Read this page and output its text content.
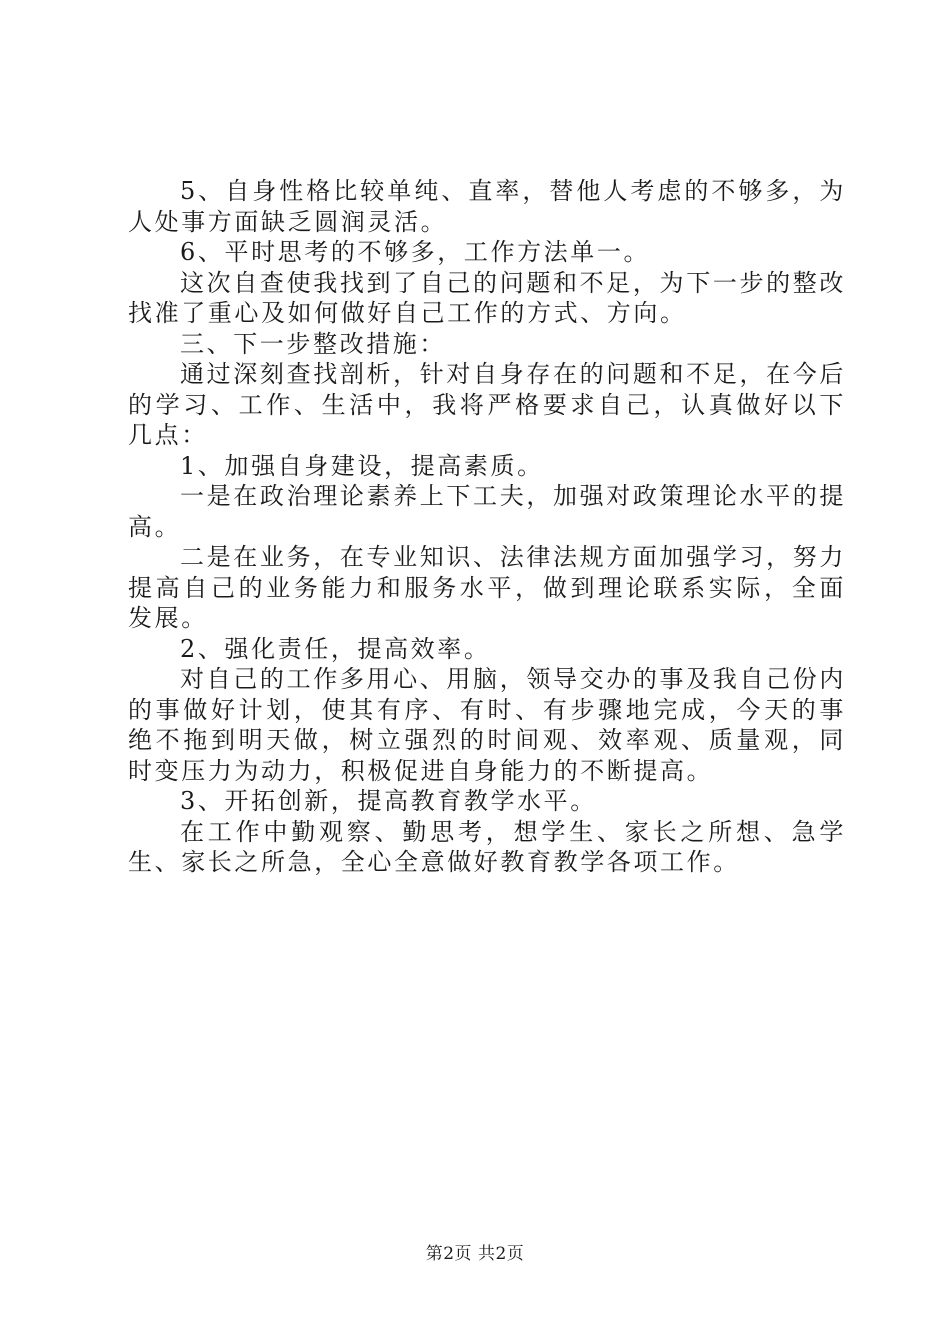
5、自身性格比较单纯、直率，替他人考虑的不够多，为人处事方面缺乏圆润灵活。

6、平时思考的不够多，工作方法单一。

这次自查使我找到了自己的问题和不足，为下一步的整改找准了重心及如何做好自己工作的方式、方向。

三、下一步整改措施：

通过深刻查找剖析，针对自身存在的问题和不足，在今后的学习、工作、生活中，我将严格要求自己，认真做好以下几点：

1、加强自身建设，提高素质。

一是在政治理论素养上下工夫，加强对政策理论水平的提高。

二是在业务，在专业知识、法律法规方面加强学习，努力提高自己的业务能力和服务水平，做到理论联系实际，全面发展。

2、强化责任，提高效率。

对自己的工作多用心、用脑，领导交办的事及我自己份内的事做好计划，使其有序、有时、有步骤地完成，今天的事绝不拖到明天做，树立强烈的时间观、效率观、质量观，同时变压力为动力，积极促进自身能力的不断提高。

3、开拓创新，提高教育教学水平。

在工作中勤观察、勤思考，想学生、家长之所想、急学生、家长之所急，全心全意做好教育教学各项工作。

第2页 共2页
